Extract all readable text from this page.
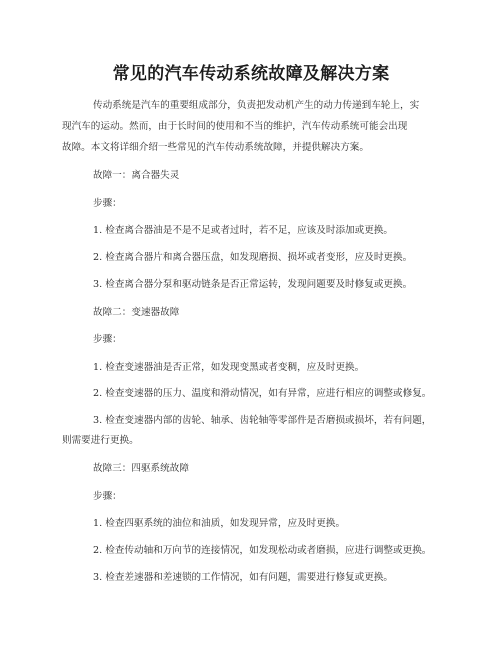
常见的汽车传动系统故障及解决方案
传动系统是汽车的重要组成部分，负责把发动机产生的动力传递到车轮上，实
现汽车的运动。然而，由于长时间的使用和不当的维护，汽车传动系统可能会出现
故障。本文将详细介绍一些常见的汽车传动系统故障，并提供解决方案。
故障一：离合器失灵
步骤：
1. 检查离合器油是不是不足或者过时，若不足，应该及时添加或更换。
2. 检查离合器片和离合器压盘，如发现磨损、损坏或者变形，应及时更换。
3. 检查离合器分泵和驱动链条是否正常运转，发现问题要及时修复或更换。
故障二：变速器故障
步骤：
1. 检查变速器油是否正常，如发现变黑或者变稠，应及时更换。
2. 检查变速器的压力、温度和滑动情况，如有异常，应进行相应的调整或修复。
3. 检查变速器内部的齿轮、轴承、齿轮轴等零部件是否磨损或损坏，若有问题，
则需要进行更换。
故障三：四驱系统故障
步骤：
1. 检查四驱系统的油位和油质，如发现异常，应及时更换。
2. 检查传动轴和万向节的连接情况，如发现松动或者磨损，应进行调整或更换。
3. 检查差速器和差速锁的工作情况，如有问题，需要进行修复或更换。
